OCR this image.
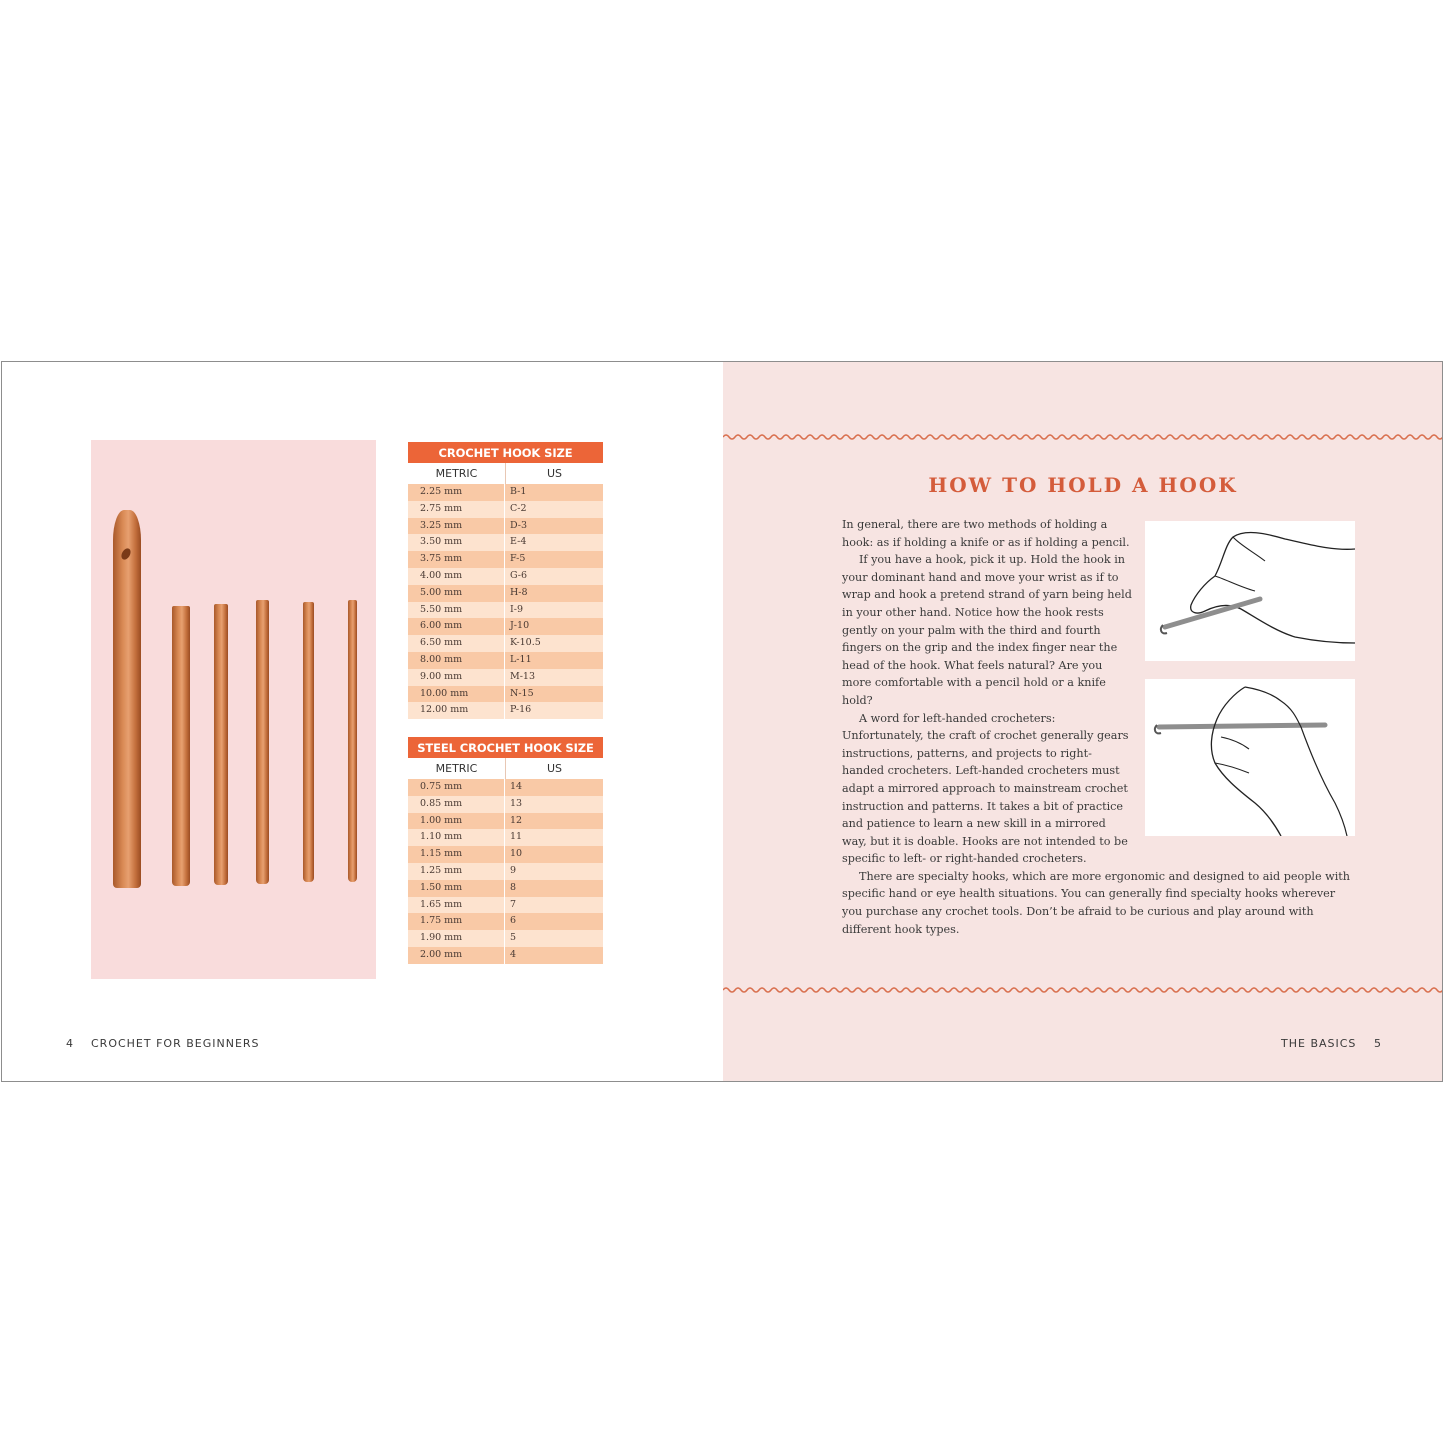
CROCHET HOOK SIZE
METRIC	US
2.25 mm	B-1
2.75 mm	C-2
3.25 mm	D-3
3.50 mm	E-4
3.75 mm	F-5
4.00 mm	G-6
5.00 mm	H-8
5.50 mm	I-9
6.00 mm	J-10
6.50 mm	K-10.5
8.00 mm	L-11
9.00 mm	M-13
10.00 mm	N-15
12.00 mm	P-16
STEEL CROCHET HOOK SIZE
METRIC	US
0.75 mm	14
0.85 mm	13
1.00 mm	12
1.10 mm	11
1.15 mm	10
1.25 mm	9
1.50 mm	8
1.65 mm	7
1.75 mm	6
1.90 mm	5
2.00 mm	4
4 CROCHET FOR BEGINNERS
HOW TO HOLD A HOOK

In general, there are two methods of holding a hook: as if holding a knife or as if holding a pencil.

If you have a hook, pick it up. Hold the hook in your dominant hand and move your wrist as if to wrap and hook a pretend strand of yarn being held in your other hand. Notice how the hook rests gently on your palm with the third and fourth fingers on the grip and the index finger near the head of the hook. What feels natural? Are you more comfortable with a pencil hold or a knife hold?

A word for left-handed crocheters: Unfortunately, the craft of crochet generally gears instructions, patterns, and projects to right-handed crocheters. Left-handed crocheters must adapt a mirrored approach to mainstream crochet instruction and patterns. It takes a bit of practice and patience to learn a new skill in a mirrored way, but it is doable. Hooks are not intended to be specific to left- or right-handed crocheters.

There are specialty hooks, which are more ergonomic and designed to aid people with specific hand or eye health situations. You can generally find specialty hooks wherever you purchase any crochet tools. Don’t be afraid to be curious and play around with different hook types.

THE BASICS 5
